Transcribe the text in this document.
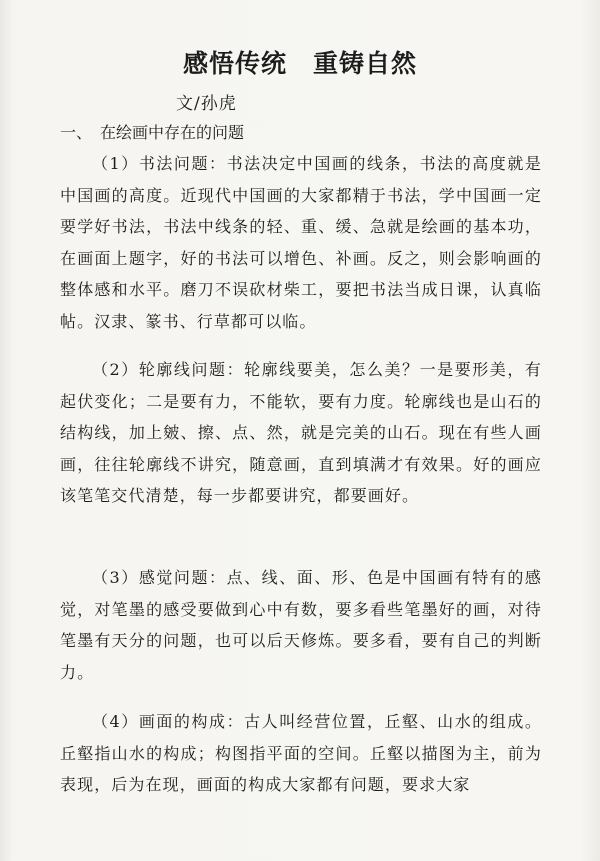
感悟传统　重铸自然
文/孙虎
一、　在绘画中存在的问题

（1）书法问题：书法决定中国画的线条，书法的高度就是中国画的高度。近现代中国画的大家都精于书法，学中国画一定要学好书法，书法中线条的轻、重、缓、急就是绘画的基本功，在画面上题字，好的书法可以增色、补画。反之，则会影响画的整体感和水平。磨刀不误砍材柴工，要把书法当成日课，认真临帖。汉隶、篆书、行草都可以临。

（2）轮廓线问题：轮廓线要美，怎么美？一是要形美，有起伏变化；二是要有力，不能软，要有力度。轮廓线也是山石的结构线，加上皴、擦、点、然，就是完美的山石。现在有些人画画，往往轮廓线不讲究，随意画，直到填满才有效果。好的画应该笔笔交代清楚，每一步都要讲究，都要画好。

（3）感觉问题：点、线、面、形、色是中国画有特有的感觉，对笔墨的感受要做到心中有数，要多看些笔墨好的画，对待笔墨有天分的问题，也可以后天修炼。要多看，要有自己的判断力。

（4）画面的构成：古人叫经营位置，丘壑、山水的组成。丘壑指山水的构成；构图指平面的空间。丘壑以描图为主，前为表现，后为在现，画面的构成大家都有问题，要求大家
